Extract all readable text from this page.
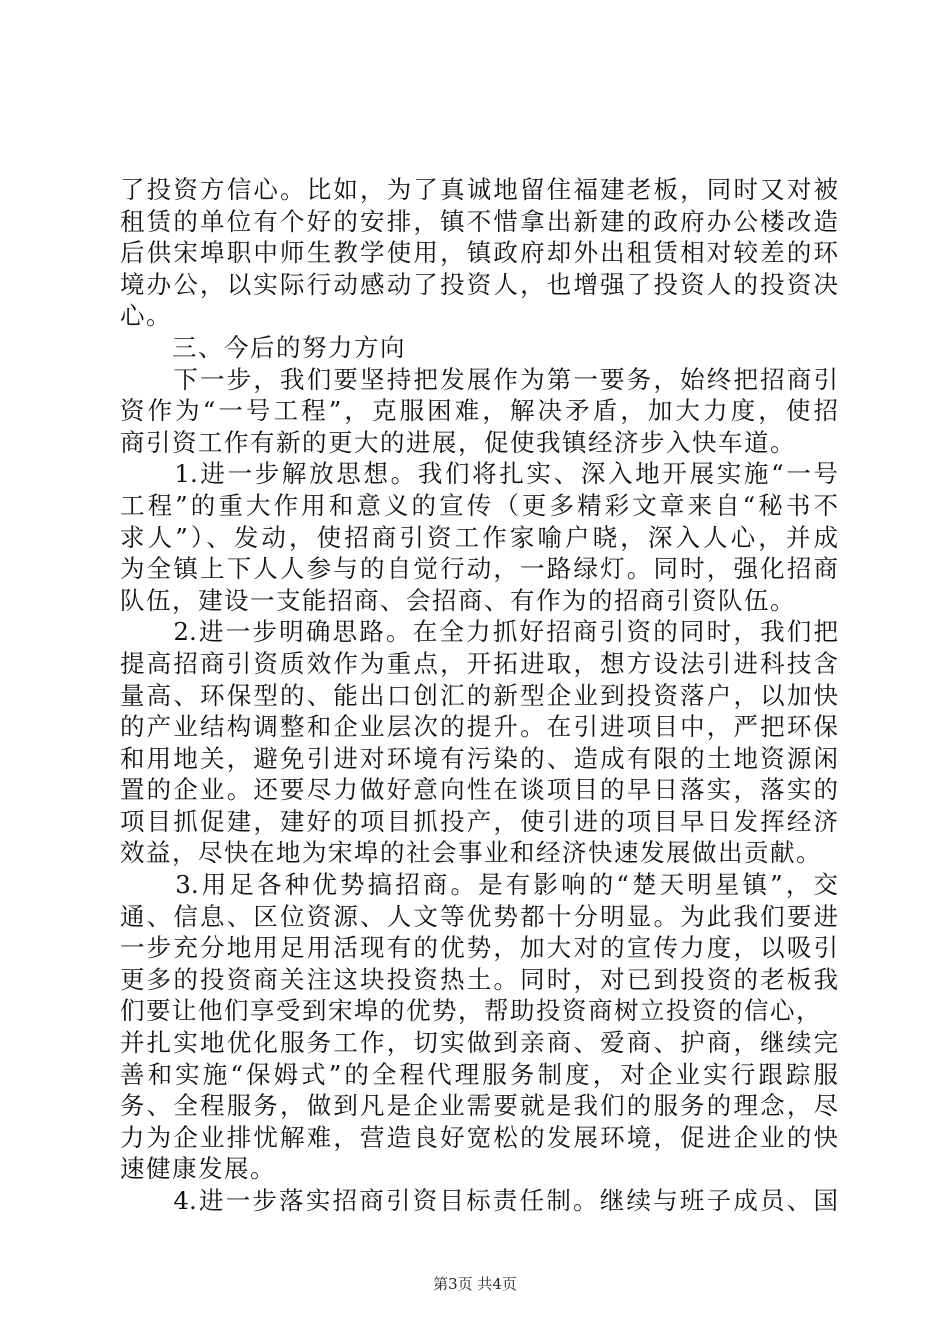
了投资方信心。比如，为了真诚地留住福建老板，同时又对被
租赁的单位有个好的安排，镇不惜拿出新建的政府办公楼改造
后供宋埠职中师生教学使用，镇政府却外出租赁相对较差的环
境办公，以实际行动感动了投资人，也增强了投资人的投资决
心。
　　三、今后的努力方向
　　下一步，我们要坚持把发展作为第一要务，始终把招商引
资作为“一号工程”，克服困难，解决矛盾，加大力度，使招
商引资工作有新的更大的进展，促使我镇经济步入快车道。
　　1.进一步解放思想。我们将扎实、深入地开展实施“一号
工程”的重大作用和意义的宣传（更多精彩文章来自“秘书不
求人”）、发动，使招商引资工作家喻户晓，深入人心，并成
为全镇上下人人参与的自觉行动，一路绿灯。同时，强化招商
队伍，建设一支能招商、会招商、有作为的招商引资队伍。
　　2.进一步明确思路。在全力抓好招商引资的同时，我们把
提高招商引资质效作为重点，开拓进取，想方设法引进科技含
量高、环保型的、能出口创汇的新型企业到投资落户，以加快
的产业结构调整和企业层次的提升。在引进项目中，严把环保
和用地关，避免引进对环境有污染的、造成有限的土地资源闲
置的企业。还要尽力做好意向性在谈项目的早日落实，落实的
项目抓促建，建好的项目抓投产，使引进的项目早日发挥经济
效益，尽快在地为宋埠的社会事业和经济快速发展做出贡献。
　　3.用足各种优势搞招商。是有影响的“楚天明星镇”，交
通、信息、区位资源、人文等优势都十分明显。为此我们要进
一步充分地用足用活现有的优势，加大对的宣传力度，以吸引
更多的投资商关注这块投资热土。同时，对已到投资的老板我
们要让他们享受到宋埠的优势，帮助投资商树立投资的信心，
并扎实地优化服务工作，切实做到亲商、爱商、护商，继续完
善和实施“保姆式”的全程代理服务制度，对企业实行跟踪服
务、全程服务，做到凡是企业需要就是我们的服务的理念，尽
力为企业排忧解难，营造良好宽松的发展环境，促进企业的快
速健康发展。
　　4.进一步落实招商引资目标责任制。继续与班子成员、国
第3页 共4页
